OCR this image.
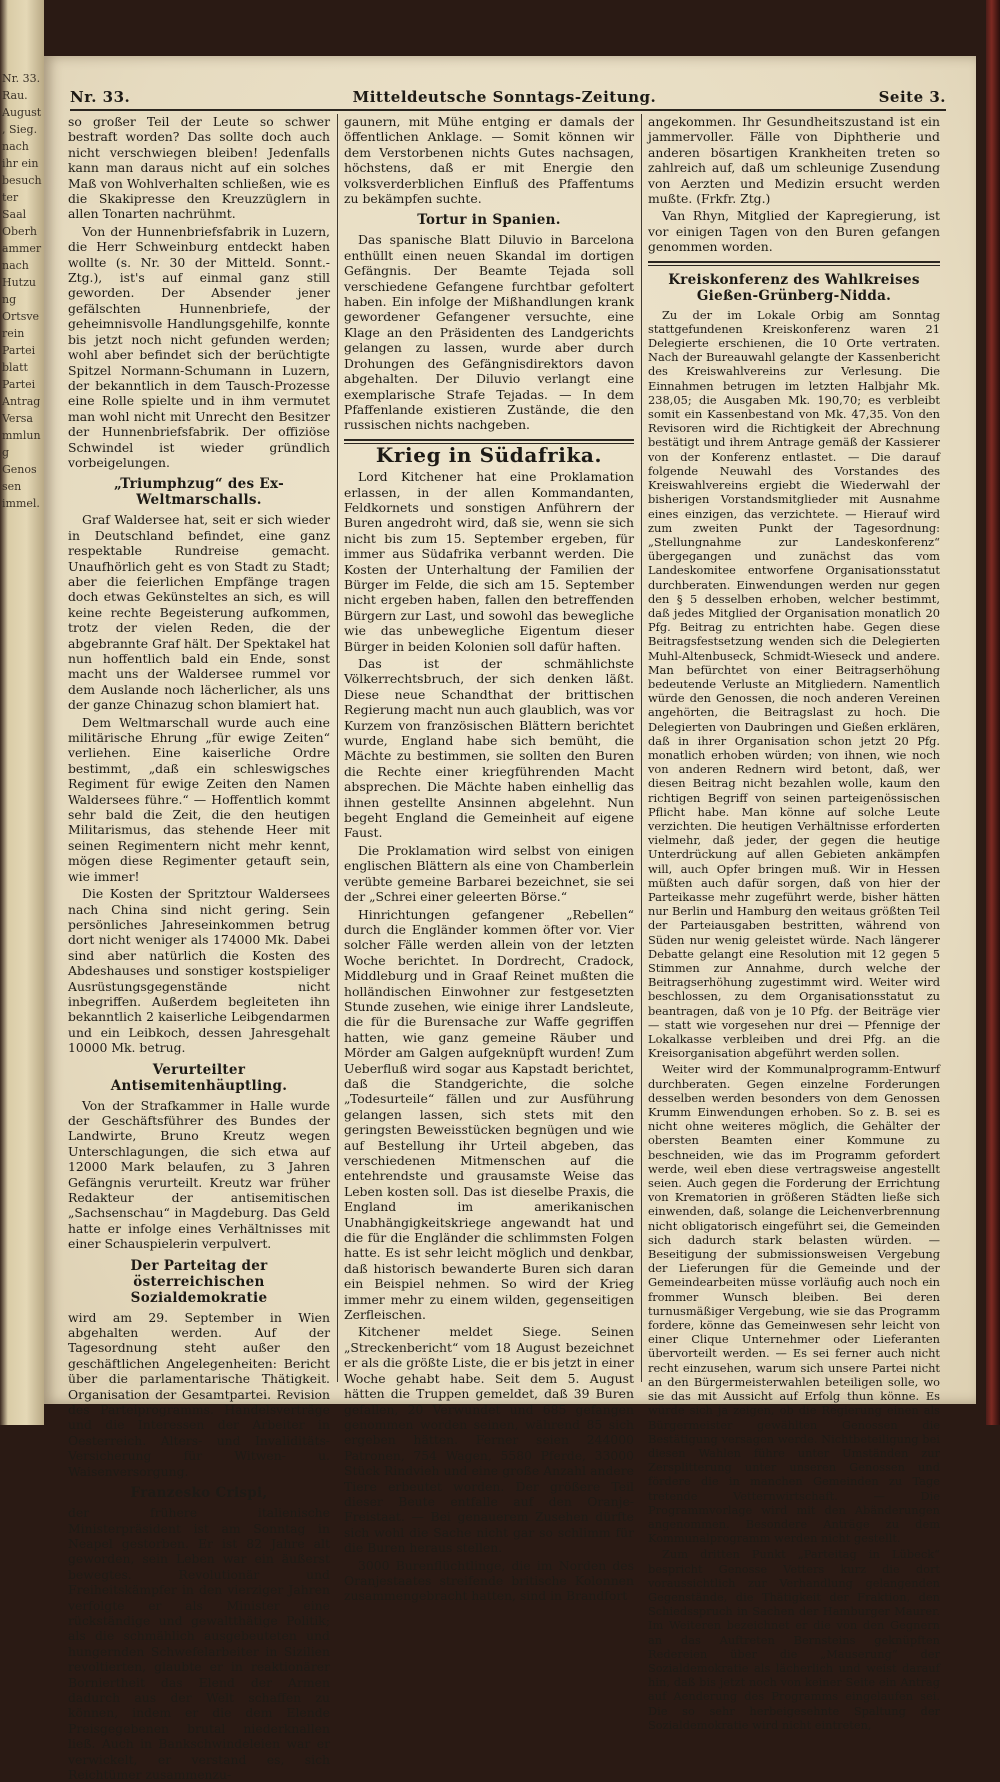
Nr. 33. Rau. August, Sieg. nach ihr ein besuchter Saal Oberhammer nach Hutzung Ortsverein Parteiblatt Partei Antrag Versammlung Genossen immel.
Nr. 33.	Mitteldeutsche Sonntags-Zeitung.	Seite 3.

so großer Teil der Leute so schwer bestraft worden? Das sollte doch auch nicht verschwiegen bleiben! Jedenfalls kann man daraus nicht auf ein solches Maß von Wohlverhalten schließen, wie es die Skakipresse den Kreuzzüglern in allen Tonarten nachrühmt.

Von der Hunnenbriefsfabrik in Luzern, die Herr Schweinburg entdeckt haben wollte (s. Nr. 30 der Mitteld. Sonnt.-Ztg.), ist's auf einmal ganz still geworden. Der Absender jener gefälschten Hunnenbriefe, der geheimnisvolle Handlungsgehilfe, konnte bis jetzt noch nicht gefunden werden; wohl aber befindet sich der berüchtigte Spitzel Normann-Schumann in Luzern, der bekanntlich in dem Tausch-Prozesse eine Rolle spielte und in ihm vermutet man wohl nicht mit Unrecht den Besitzer der Hunnenbriefsfabrik. Der offiziöse Schwindel ist wieder gründlich vorbeigelungen.

„Triumphzug“ des Ex-Weltmarschalls.

Graf Waldersee hat, seit er sich wieder in Deutschland befindet, eine ganz respektable Rundreise gemacht. Unaufhörlich geht es von Stadt zu Stadt; aber die feierlichen Empfänge tragen doch etwas Gekünsteltes an sich, es will keine rechte Begeisterung aufkommen, trotz der vielen Reden, die der abgebrannte Graf hält. Der Spektakel hat nun hoffentlich bald ein Ende, sonst macht uns der Waldersee rummel vor dem Auslande noch lächerlicher, als uns der ganze Chinazug schon blamiert hat.

Dem Weltmarschall wurde auch eine militärische Ehrung „für ewige Zeiten“ verliehen. Eine kaiserliche Ordre bestimmt, „daß ein schleswigsches Regiment für ewige Zeiten den Namen Waldersees führe.“ — Hoffentlich kommt sehr bald die Zeit, die den heutigen Militarismus, das stehende Heer mit seinen Regimentern nicht mehr kennt, mögen diese Regimenter getauft sein, wie immer!

Die Kosten der Spritztour Waldersees nach China sind nicht gering. Sein persönliches Jahreseinkommen betrug dort nicht weniger als 174000 Mk. Dabei sind aber natürlich die Kosten des Abdeshauses und sonstiger kostspieliger Ausrüstungsgegenstände nicht inbegriffen. Außerdem begleiteten ihn bekanntlich 2 kaiserliche Leibgendarmen und ein Leibkoch, dessen Jahresgehalt 10000 Mk. betrug.

Verurteilter Antisemitenhäuptling.

Von der Strafkammer in Halle wurde der Geschäftsführer des Bundes der Landwirte, Bruno Kreutz wegen Unterschlagungen, die sich etwa auf 12000 Mark belaufen, zu 3 Jahren Gefängnis verurteilt. Kreutz war früher Redakteur der antisemitischen „Sachsenschau“ in Magdeburg. Das Geld hatte er infolge eines Verhältnisses mit einer Schauspielerin verpulvert.

Der Parteitag der österreichischen Sozialdemokratie

wird am 29. September in Wien abgehalten werden. Auf der Tagesordnung steht außer den geschäftlichen Angelegenheiten: Bericht über die parlamentarische Thätigkeit. Organisation der Gesamtpartei. Revision des Parteiprogramms. Handelsverträge und die Interessen der Arbeiter in Oesterreich. Alters- und Invaliditäts-Versicherung für Witwen- u. Waisenversorgung.

Franzesko Crispi,

der frühere italienische Ministerpräsident ist am Sonntag in Neapel gestorben. Er ist 82 Jahre alt geworden, sein Leben war ein äußerst bewegtes. Revolutionär und Freiheitskämpfer in den vierziger Jahren verfolgte er als Minister eine rückständige und gewaltthätige Politik; als die schmählich ausgebeuteten und hungernden Schwefelarbeiter in Sizilien revoltierten, glaubte er in reaktionärer Borniertheit das Elend der Armen dadurch aus der Welt schaffen zu können, indem er die dem Elende Preisgegebenen brutal niederknallen ließ. Auch in Bankschwindeleien war er verwickelt, er verstand es, sich Reichtümer zusammenzu-

gaunern, mit Mühe entging er damals der öffentlichen Anklage. — Somit können wir dem Verstorbenen nichts Gutes nachsagen, höchstens, daß er mit Energie den volksverderblichen Einfluß des Pfaffentums zu bekämpfen suchte.

Tortur in Spanien.

Das spanische Blatt Diluvio in Barcelona enthüllt einen neuen Skandal im dortigen Gefängnis. Der Beamte Tejada soll verschiedene Gefangene furchtbar gefoltert haben. Ein infolge der Mißhandlungen krank gewordener Gefangener versuchte, eine Klage an den Präsidenten des Landgerichts gelangen zu lassen, wurde aber durch Drohungen des Gefängnisdirektors davon abgehalten. Der Diluvio verlangt eine exemplarische Strafe Tejadas. — In dem Pfaffenlande existieren Zustände, die den russischen nichts nachgeben.

Krieg in Südafrika.

Lord Kitchener hat eine Proklamation erlassen, in der allen Kommandanten, Feldkornets und sonstigen Anführern der Buren angedroht wird, daß sie, wenn sie sich nicht bis zum 15. September ergeben, für immer aus Südafrika verbannt werden. Die Kosten der Unterhaltung der Familien der Bürger im Felde, die sich am 15. September nicht ergeben haben, fallen den betreffenden Bürgern zur Last, und sowohl das bewegliche wie das unbewegliche Eigentum dieser Bürger in beiden Kolonien soll dafür haften.

Das ist der schmählichste Völkerrechtsbruch, der sich denken läßt. Diese neue Schandthat der brittischen Regierung macht nun auch glaublich, was vor Kurzem von französischen Blättern berichtet wurde, England habe sich bemüht, die Mächte zu bestimmen, sie sollten den Buren die Rechte einer kriegführenden Macht absprechen. Die Mächte haben einhellig das ihnen gestellte Ansinnen abgelehnt. Nun begeht England die Gemeinheit auf eigene Faust.

Die Proklamation wird selbst von einigen englischen Blättern als eine von Chamberlein verübte gemeine Barbarei bezeichnet, sie sei der „Schrei einer geleerten Börse.“

Hinrichtungen gefangener „Rebellen“ durch die Engländer kommen öfter vor. Vier solcher Fälle werden allein von der letzten Woche berichtet. In Dordrecht, Cradock, Middleburg und in Graaf Reinet mußten die holländischen Einwohner zur festgesetzten Stunde zusehen, wie einige ihrer Landsleute, die für die Burensache zur Waffe gegriffen hatten, wie ganz gemeine Räuber und Mörder am Galgen aufgeknüpft wurden! Zum Ueberfluß wird sogar aus Kapstadt berichtet, daß die Standgerichte, die solche „Todesurteile“ fällen und zur Ausführung gelangen lassen, sich stets mit den geringsten Beweisstücken begnügen und wie auf Bestellung ihr Urteil abgeben, das verschiedenen Mitmenschen auf die entehrendste und grausamste Weise das Leben kosten soll. Das ist dieselbe Praxis, die England im amerikanischen Unabhängigkeitskriege angewandt hat und die für die Engländer die schlimmsten Folgen hatte. Es ist sehr leicht möglich und denkbar, daß historisch bewanderte Buren sich daran ein Beispiel nehmen. So wird der Krieg immer mehr zu einem wilden, gegenseitigen Zerfleischen.

Kitchener meldet Siege. Seinen „Streckenbericht“ vom 18 August bezeichnet er als die größte Liste, die er bis jetzt in einer Woche gehabt habe. Seit dem 5. August hätten die Truppen gemeldet, daß 39 Buren gefallen, 20 Verwundet und 685 gefangen genommen worden seinen, während 85 sich ergeben hätten. Ferner seien 244000 Patronen, 754 Wagen, 5580 Pferde, 33000 Stück Rindvieh und eine große Anzahl andere Tiere erbeutet worden. Der größere Teil dieser Beute entfalle auf den Oranje-Freistaat. — Bei genauerem Zusehen dürfte sich wohl die Sache nicht gar so schlimm für die Buren heraus stellen.

3000 Burenflüchtlinge, die im Norden des Oranjestaates streifende britische Kolonnen zusammengebracht hatten, sind in Brandfort

angekommen. Ihr Gesundheitszustand ist ein jammervoller. Fälle von Diphtherie und anderen bösartigen Krankheiten treten so zahlreich auf, daß um schleunige Zusendung von Aerzten und Medizin ersucht werden mußte. (Frkfr. Ztg.)

Van Rhyn, Mitglied der Kapregierung, ist vor einigen Tagen von den Buren gefangen genommen worden.

Kreiskonferenz des Wahlkreises Gießen-Grünberg-Nidda.

Zu der im Lokale Orbig am Sonntag stattgefundenen Kreiskonferenz waren 21 Delegierte erschienen, die 10 Orte vertraten. Nach der Bureauwahl gelangte der Kassenbericht des Kreiswahlvereins zur Verlesung. Die Einnahmen betrugen im letzten Halbjahr Mk. 238,05; die Ausgaben Mk. 190,70; es verbleibt somit ein Kassenbestand von Mk. 47,35. Von den Revisoren wird die Richtigkeit der Abrechnung bestätigt und ihrem Antrage gemäß der Kassierer von der Konferenz entlastet. — Die darauf folgende Neuwahl des Vorstandes des Kreiswahlvereins ergiebt die Wiederwahl der bisherigen Vorstandsmitglieder mit Ausnahme eines einzigen, das verzichtete. — Hierauf wird zum zweiten Punkt der Tagesordnung: „Stellungnahme zur Landeskonferenz“ übergegangen und zunächst das vom Landeskomitee entworfene Organisationsstatut durchberaten. Einwendungen werden nur gegen den § 5 desselben erhoben, welcher bestimmt, daß jedes Mitglied der Organisation monatlich 20 Pfg. Beitrag zu entrichten habe. Gegen diese Beitragsfestsetzung wenden sich die Delegierten Muhl-Altenbuseck, Schmidt-Wieseck und andere. Man befürchtet von einer Beitragserhöhung bedeutende Verluste an Mitgliedern. Namentlich würde den Genossen, die noch anderen Vereinen angehörten, die Beitragslast zu hoch. Die Delegierten von Daubringen und Gießen erklären, daß in ihrer Organisation schon jetzt 20 Pfg. monatlich erhoben würden; von ihnen, wie noch von anderen Rednern wird betont, daß, wer diesen Beitrag nicht bezahlen wolle, kaum den richtigen Begriff von seinen parteigenössischen Pflicht habe. Man könne auf solche Leute verzichten. Die heutigen Verhältnisse erforderten vielmehr, daß jeder, der gegen die heutige Unterdrückung auf allen Gebieten ankämpfen will, auch Opfer bringen muß. Wir in Hessen müßten auch dafür sorgen, daß von hier der Parteikasse mehr zugeführt werde, bisher hätten nur Berlin und Hamburg den weitaus größten Teil der Parteiausgaben bestritten, während von Süden nur wenig geleistet würde. Nach längerer Debatte gelangt eine Resolution mit 12 gegen 5 Stimmen zur Annahme, durch welche der Beitragserhöhung zugestimmt wird. Weiter wird beschlossen, zu dem Organisationsstatut zu beantragen, daß von je 10 Pfg. der Beiträge vier — statt wie vorgesehen nur drei — Pfennige der Lokalkasse verbleiben und drei Pfg. an die Kreisorganisation abgeführt werden sollen.

Weiter wird der Kommunalprogramm-Entwurf durchberaten. Gegen einzelne Forderungen desselben werden besonders von dem Genossen Krumm Einwendungen erhoben. So z. B. sei es nicht ohne weiteres möglich, die Gehälter der obersten Beamten einer Kommune zu beschneiden, wie das im Programm gefordert werde, weil eben diese vertragsweise angestellt seien. Auch gegen die Forderung der Errichtung von Krematorien in größeren Städten ließe sich einwenden, daß, solange die Leichenverbrennung nicht obligatorisch eingeführt sei, die Gemeinden sich dadurch stark belasten würden. — Beseitigung der submissionsweisen Vergebung der Lieferungen für die Gemeinde und der Gemeindearbeiten müsse vorläufig auch noch ein frommer Wunsch bleiben. Bei deren turnusmäßiger Vergebung, wie sie das Programm fordere, könne das Gemeinwesen sehr leicht von einer Clique Unternehmer oder Lieferanten übervorteilt werden. — Es sei ferner auch nicht recht einzusehen, warum sich unsere Partei nicht an den Bürgermeisterwahlen beteiligen solle, wo sie das mit Aussicht auf Erfolg thun könne. Es würde sich ja zeigen, ob die Regierung einen als Bürgermeister gewählten Genossen die Bestätigung versagen werde. Nichtbeteiligung bei diesen Wahlen führe unter Umständen zur Zersplitterung unter unseren Genossen und fördere die in manchen Gemeinden zu Tage tretende Vetternwirtschaft. — Die Programmvorlage wird mit den Abänderungen angenommen. Besondere Anträge zu dem Kommunalprogramm werden nicht gestellt.

Zum dritten Punkt „Parteitag in Lübeck“ bespricht Genosse Vetters kurz die dort voraussichtlich zur Verhandlung gelangenden Gegenstände, die Thätigkeit der Fraktion, den Schiedsspruch in Sachen der Hamburger Maurer. Im Weiteren bezeichnet er die von den Gegnern an das Auftreten Bernsteins geknüpften Redereien über die „Mauserung“ der Sozialdemokratie als lächerlich und weist darauf hin, daß bis jetzt noch von keiner Seite ein Antrag auf Aenderung des Programms eingelaufen sei. Die so sehr herbeigesehnte Spaltung der Sozialdemokratie wird nicht eintreten,
